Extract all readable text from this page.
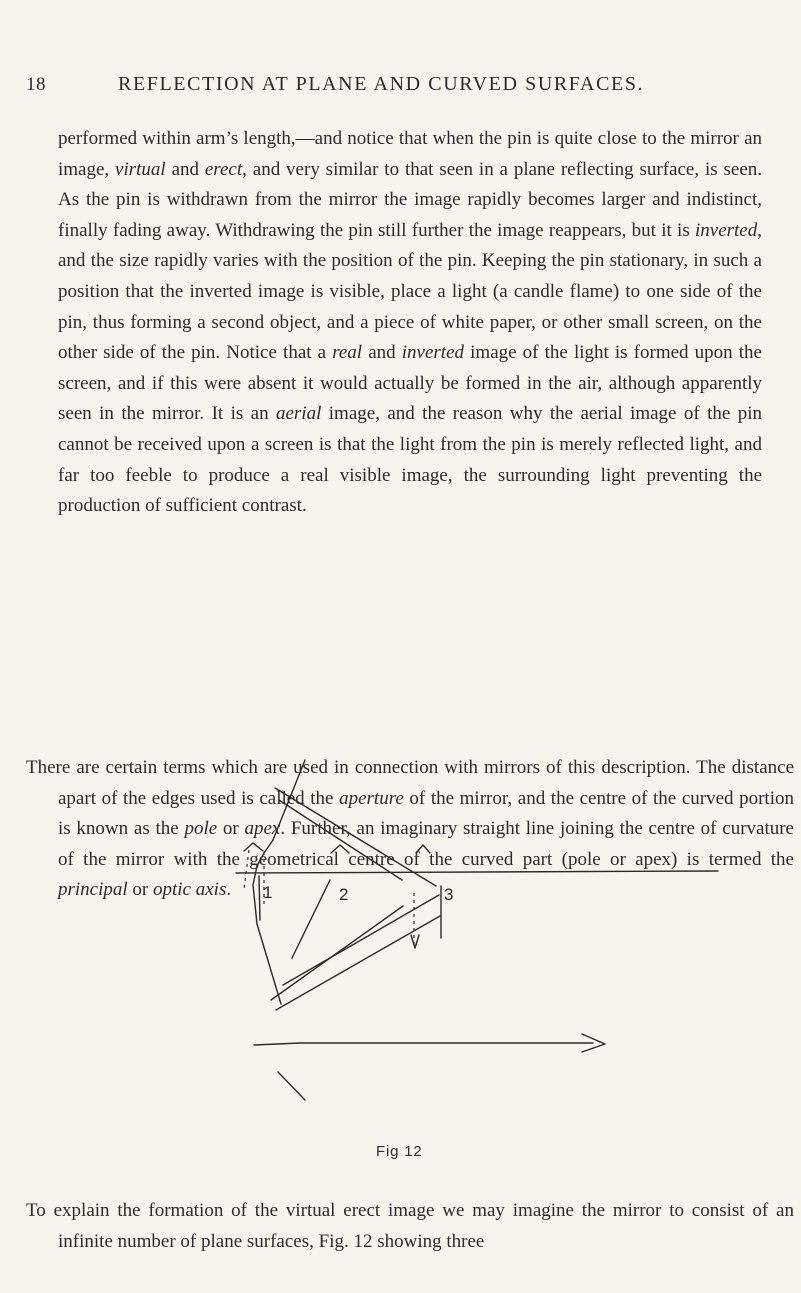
18	REFLECTION AT PLANE AND CURVED SURFACES.

performed within arm’s length,—and notice that when the pin is quite close to the mirror an image, virtual and erect, and very similar to that seen in a plane reflecting surface, is seen. As the pin is withdrawn from the mirror the image rapidly becomes larger and indistinct, finally fading away. Withdrawing the pin still further the image reappears, but it is inverted, and the size rapidly varies with the position of the pin. Keeping the pin stationary, in such a position that the inverted image is visible, place a light (a candle flame) to one side of the pin, thus forming a second object, and a piece of white paper, or other small screen, on the other side of the pin. Notice that a real and inverted image of the light is formed upon the screen, and if this were absent it would actually be formed in the air, although apparently seen in the mirror. It is an aerial image, and the reason why the aerial image of the pin cannot be received upon a screen is that the light from the pin is merely reflected light, and far too feeble to produce a real visible image, the surrounding light preventing the production of sufficient contrast.

There are certain terms which are used in connection with mirrors of this description. The distance apart of the edges used is called the aperture of the mirror, and the centre of the curved portion is known as the pole or apex. Further, an imaginary straight line joining the centre of curvature of the mirror with the geometrical centre of the curved part (pole or apex) is termed the principal or optic axis.	1	2	3
Fig 12

To explain the formation of the virtual erect image we may imagine the mirror to consist of an infinite number of plane surfaces, Fig. 12 showing three
